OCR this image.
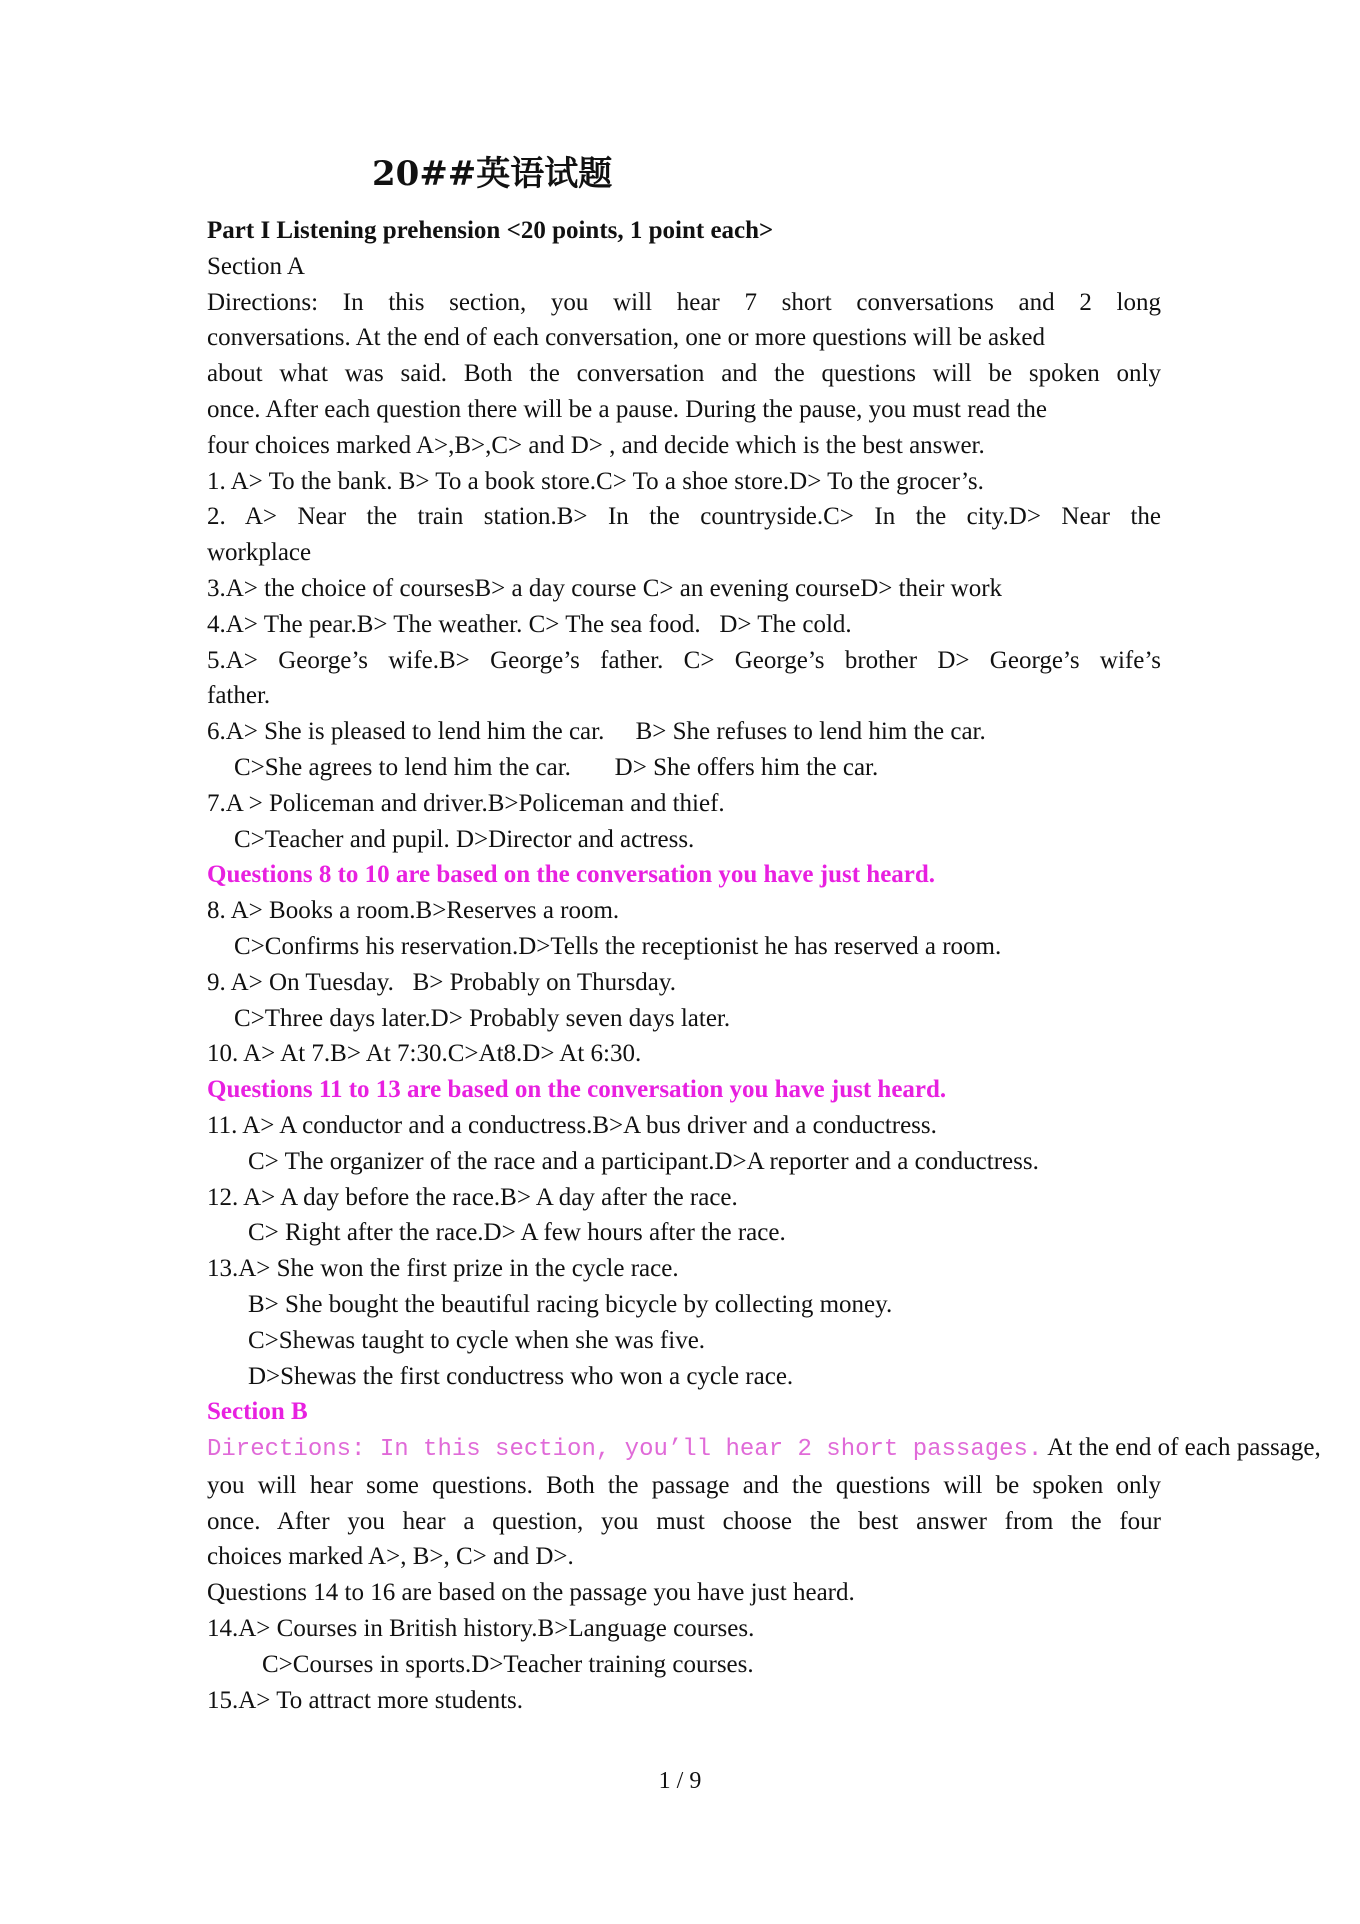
20##英语试题
Part I Listening prehension <20 points, 1 point each>
Section A
Directions: In this section, you will hear 7 short conversations and 2 long
conversations. At the end of each conversation, one or more questions will be asked
about what was said. Both the conversation and the questions will be spoken only
once. After each question there will be a pause. During the pause, you must read the
four choices marked A>,B>,C> and D> , and decide which is the best answer.
1. A> To the bank. B> To a book store.C> To a shoe store.D> To the grocer’s.
2. A> Near the train station.B> In the countryside.C> In the city.D> Near the
workplace
3.A> the choice of coursesB> a day course C> an evening courseD> their work
4.A> The pear.B> The weather. C> The sea food.   D> The cold.
5.A> George’s wife.B> George’s father. C> George’s brother D> George’s wife’s
father.
6.A> She is pleased to lend him the car.     B> She refuses to lend him the car.
C>She agrees to lend him the car.       D> She offers him the car.
7.A > Policeman and driver.B>Policeman and thief.
C>Teacher and pupil. D>Director and actress.
Questions 8 to 10 are based on the conversation you have just heard.
8. A> Books a room.B>Reserves a room.
C>Confirms his reservation.D>Tells the receptionist he has reserved a room.
9. A> On Tuesday.   B> Probably on Thursday.
C>Three days later.D> Probably seven days later.
10. A> At 7.B> At 7:30.C>At8.D> At 6:30.
Questions 11 to 13 are based on the conversation you have just heard.
11. A> A conductor and a conductress.B>A bus driver and a conductress.
C> The organizer of the race and a participant.D>A reporter and a conductress.
12. A> A day before the race.B> A day after the race.
C> Right after the race.D> A few hours after the race.
13.A> She won the first prize in the cycle race.
B> She bought the beautiful racing bicycle by collecting money.
C>Shewas taught to cycle when she was five.
D>Shewas the first conductress who won a cycle race.
Section B
Directions: In this section, you’ll hear 2 short passages. At the end of each passage,
you will hear some questions. Both the passage and the questions will be spoken only
once. After you hear a question, you must choose the best answer from the four
choices marked A>, B>, C> and D>.
Questions 14 to 16 are based on the passage you have just heard.
14.A> Courses in British history.B>Language courses.
C>Courses in sports.D>Teacher training courses.
15.A> To attract more students.
1 / 9
